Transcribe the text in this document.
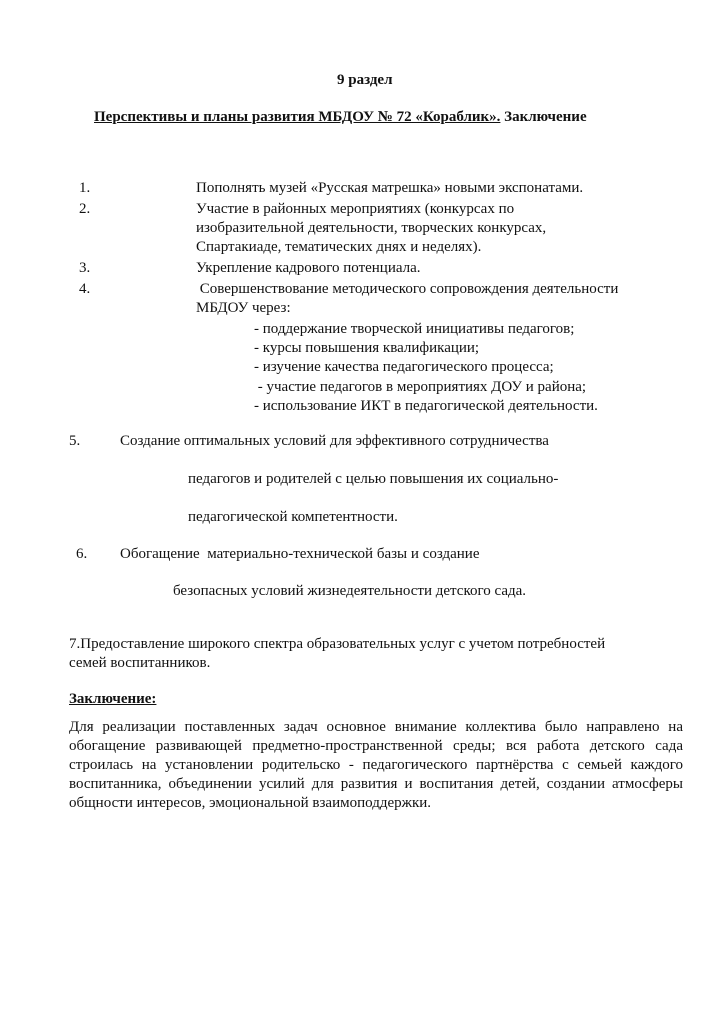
9 раздел
Перспективы и планы развития МБДОУ № 72 «Кораблик». Заключение
1.	Пополнять музей «Русская матрешка» новыми экспонатами.
2.	Участие в районных мероприятиях (конкурсах по
изобразительной деятельности, творческих конкурсах,
Спартакиаде, тематических днях и неделях).
3.	Укрепление кадрового потенциала.
4.	Совершенствование методического сопровождения деятельности
МБДОУ через:
- поддержание творческой инициативы педагогов;
- курсы повышения квалификации;
- изучение качества педагогического процесса;
- участие педагогов в мероприятиях ДОУ и района;
- использование ИКТ в педагогической деятельности.
5.	Создание оптимальных условий для эффективного сотрудничества
педагогов и родителей с целью повышения их социально-
педагогической компетентности.
6. Обогащение  материально-технической базы и создание
безопасных условий жизнедеятельности детского сада.
7.Предоставление широкого спектра образовательных услуг с учетом потребностей
семей воспитанников.
Заключение:
Для реализации поставленных задач основное внимание коллектива было направлено на обогащение развивающей предметно-пространственной среды; вся работа детского сада строилась на установлении родительско - педагогического партнёрства с семьей каждого воспитанника, объединении усилий для развития и воспитания детей, создании атмосферы общности интересов, эмоциональной взаимоподдержки.
